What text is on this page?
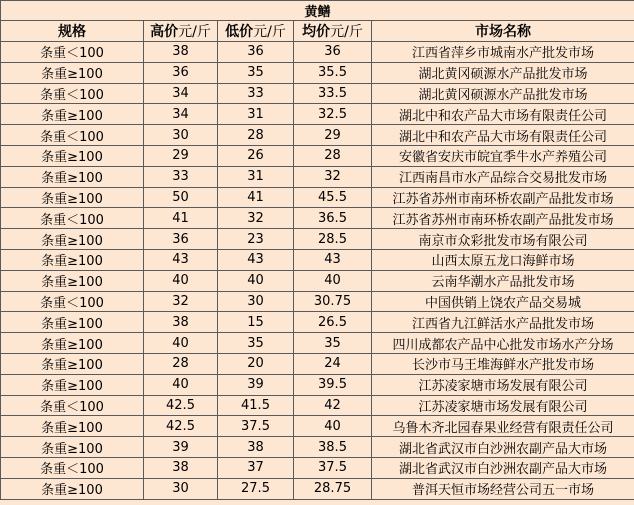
黄鳝				
规格	高价元/斤	低价元/斤	均价元/斤	市场名称
条重＜100	38	36	36	江西省萍乡市城南水产批发市场
条重≥100	36	35	35.5	湖北黄冈硕源水产品批发市场
条重＜100	34	33	33.5	湖北黄冈硕源水产品批发市场
条重≥100	34	31	32.5	湖北中和农产品大市场有限责任公司
条重＜100	30	28	29	湖北中和农产品大市场有限责任公司
条重≥100	29	26	28	安徽省安庆市皖宜季牛水产养殖公司
条重≥100	33	31	32	江西南昌市水产品综合交易批发市场
条重≥100	50	41	45.5	江苏省苏州市南环桥农副产品批发市场
条重＜100	41	32	36.5	江苏省苏州市南环桥农副产品批发市场
条重≥100	36	23	28.5	南京市众彩批发市场有限公司
条重≥100	43	43	43	山西太原五龙口海鲜市场
条重≥100	40	40	40	云南华潮水产品批发市场
条重＜100	32	30	30.75	中国供销上饶农产品交易城
条重≥100	38	15	26.5	江西省九江鲜活水产品批发市场
条重≥100	40	35	35	四川成都农产品中心批发市场水产分场
条重≥100	28	20	24	长沙市马王堆海鲜水产批发市场
条重≥100	40	39	39.5	江苏凌家塘市场发展有限公司
条重＜100	42.5	41.5	42	江苏凌家塘市场发展有限公司
条重≥100	42.5	37.5	40	乌鲁木齐北园春果业经营有限责任公司
条重≥100	39	38	38.5	湖北省武汉市白沙洲农副产品大市场
条重＜100	38	37	37.5	湖北省武汉市白沙洲农副产品大市场
条重≥100	30	27.5	28.75	普洱天恒市场经营公司五一市场
